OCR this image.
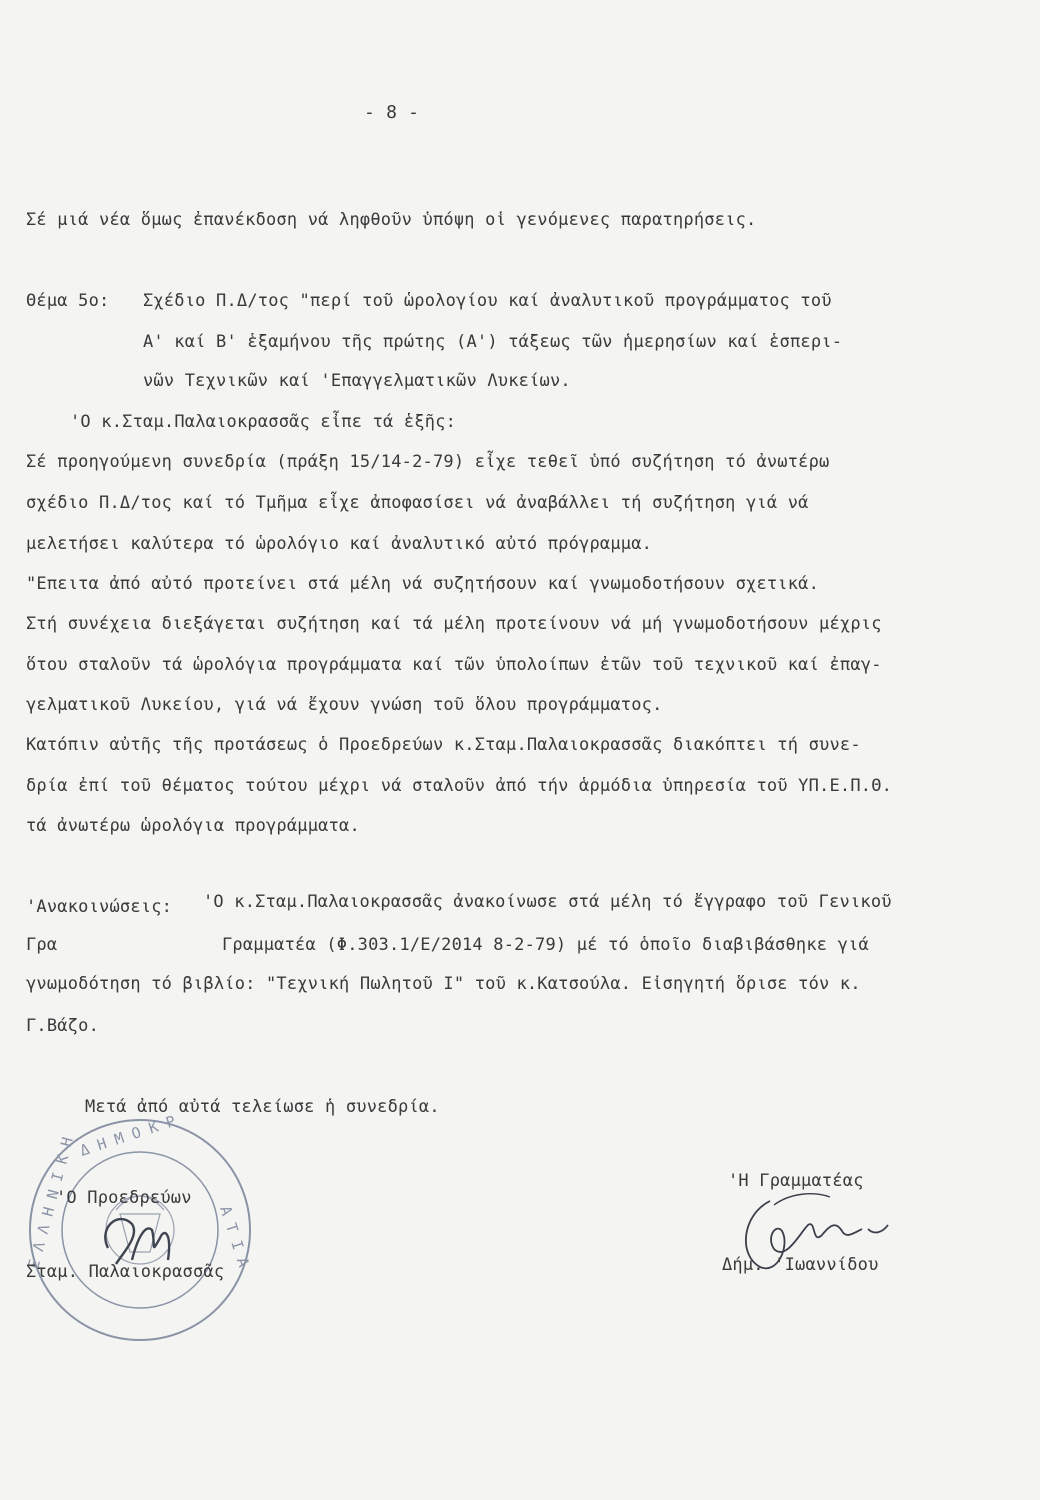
- 8 -
Σέ μιά νέα ὅμως ἐπανέκδοση νά ληφθοῦν ὑπόψη οἱ γενόμενες παρατηρήσεις.
Θέμα 5ο: Σχέδιο Π.Δ/τος "περί τοῦ ὡρολογίου καί ἀναλυτικοῦ προγράμματος τοῦ
Α' καί Β' ἑξαμήνου τῆς πρώτης (Α') τάξεως τῶν ἡμερησίων καί ἑσπερι-
νῶν Τεχνικῶν καί 'Επαγγελματικῶν Λυκείων.
'Ο κ.Σταμ.Παλαιοκρασσᾶς εἶπε τά ἑξῆς:
Σέ προηγούμενη συνεδρία (πράξη 15/14-2-79) εἶχε τεθεῖ ὑπό συζήτηση τό ἀνωτέρω
σχέδιο Π.Δ/τος καί τό Τμῆμα εἶχε ἀποφασίσει νά ἀναβάλλει τή συζήτηση γιά νά
μελετήσει καλύτερα τό ὡρολόγιο καί ἀναλυτικό αὐτό πρόγραμμα.
"Επειτα ἀπό αὐτό προτείνει στά μέλη νά συζητήσουν καί γνωμοδοτήσουν σχετικά.
Στή συνέχεια διεξάγεται συζήτηση καί τά μέλη προτείνουν νά μή γνωμοδοτήσουν μέχρις
ὅτου σταλοῦν τά ὡρολόγια προγράμματα καί τῶν ὑπολοίπων ἐτῶν τοῦ τεχνικοῦ καί ἐπαγ-
γελματικοῦ Λυκείου, γιά νά ἔχουν γνώση τοῦ ὅλου προγράμματος.
Κατόπιν αὐτῆς τῆς προτάσεως ὁ Προεδρεύων κ.Σταμ.Παλαιοκρασσᾶς διακόπτει τή συνε-
δρία ἐπί τοῦ θέματος τούτου μέχρι νά σταλοῦν ἀπό τήν ἁρμόδια ὑπηρεσία τοῦ ΥΠ.Ε.Π.Θ.
τά ἀνωτέρω ὡρολόγια προγράμματα.
'Ανακοινώσεις: 'Ο κ.Σταμ.Παλαιοκρασσᾶς ἀνακοίνωσε στά μέλη τό ἔγγραφο τοῦ Γενικοῦ
Γρα	Γραμματέα (Φ.303.1/Ε/2014 8-2-79) μέ τό ὁποῖο διαβιβάσθηκε γιά
γνωμοδότηση τό βιβλίο: "Τεχνική Πωλητοῦ Ι" τοῦ κ.Κατσούλα. Εἰσηγητή ὅρισε τόν κ.
Γ.Βάζο.
Μετά ἀπό αὐτά τελείωσε ἡ συνεδρία.
Δ Η Μ Ο Κ Ρ
Ε Λ Λ Η Ν Ι Κ Η	Α Τ Ι Α
'Ο Προεδρεύων
Σταμ. Παλαιοκρασσᾶς
'Η Γραμματέας
Δήμ. 'Ιωαννίδου
